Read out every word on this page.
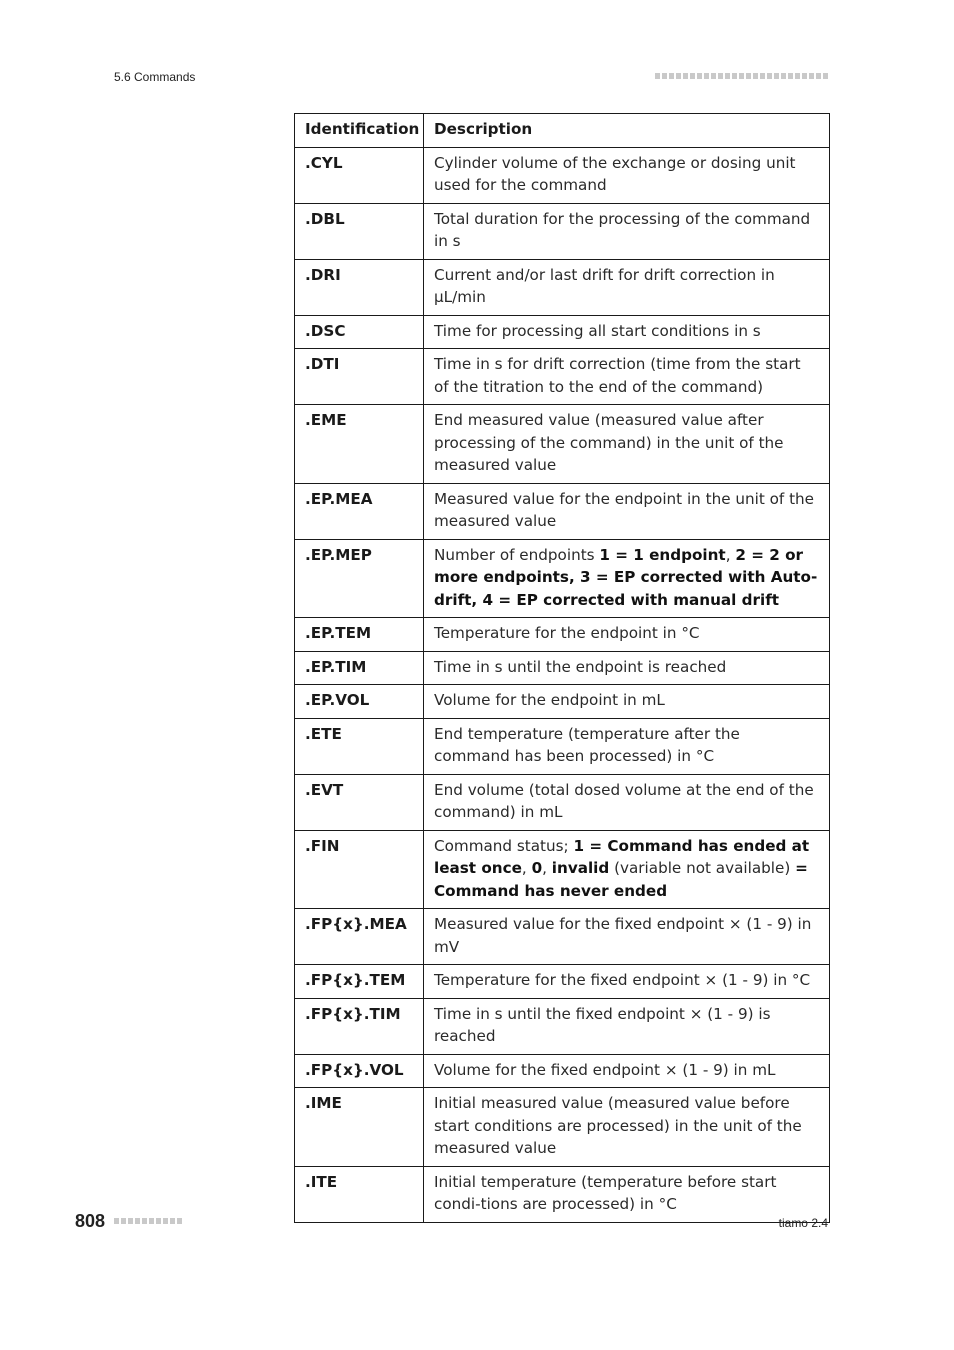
5.6 Commands
Identification	Description
.CYL	Cylinder volume of the exchange or dosing unit used for the command
.DBL	Total duration for the processing of the command in s
.DRI	Current and/or last drift for drift correction in µL/min
.DSC	Time for processing all start conditions in s
.DTI	Time in s for drift correction (time from the start of the titration to the end of the command)
.EME	End measured value (measured value after processing of the command) in the unit of the measured value
.EP.MEA	Measured value for the endpoint in the unit of the measured value
.EP.MEP	Number of endpoints 1 = 1 endpoint, 2 = 2 or more endpoints, 3 = EP corrected with Auto-drift, 4 = EP corrected with manual drift
.EP.TEM	Temperature for the endpoint in °C
.EP.TIM	Time in s until the endpoint is reached
.EP.VOL	Volume for the endpoint in mL
.ETE	End temperature (temperature after the command has been processed) in °C
.EVT	End volume (total dosed volume at the end of the command) in mL
.FIN	Command status; 1 = Command has ended at least once, 0, invalid (variable not available) = Command has never ended
.FP{x}.MEA	Measured value for the fixed endpoint × (1 - 9) in mV
.FP{x}.TEM	Temperature for the fixed endpoint × (1 - 9) in °C
.FP{x}.TIM	Time in s until the fixed endpoint × (1 - 9) is reached
.FP{x}.VOL	Volume for the fixed endpoint × (1 - 9) in mL
.IME	Initial measured value (measured value before start conditions are processed) in the unit of the measured value
.ITE	Initial temperature (temperature before start condi-tions are processed) in °C
808	tiamo 2.4
